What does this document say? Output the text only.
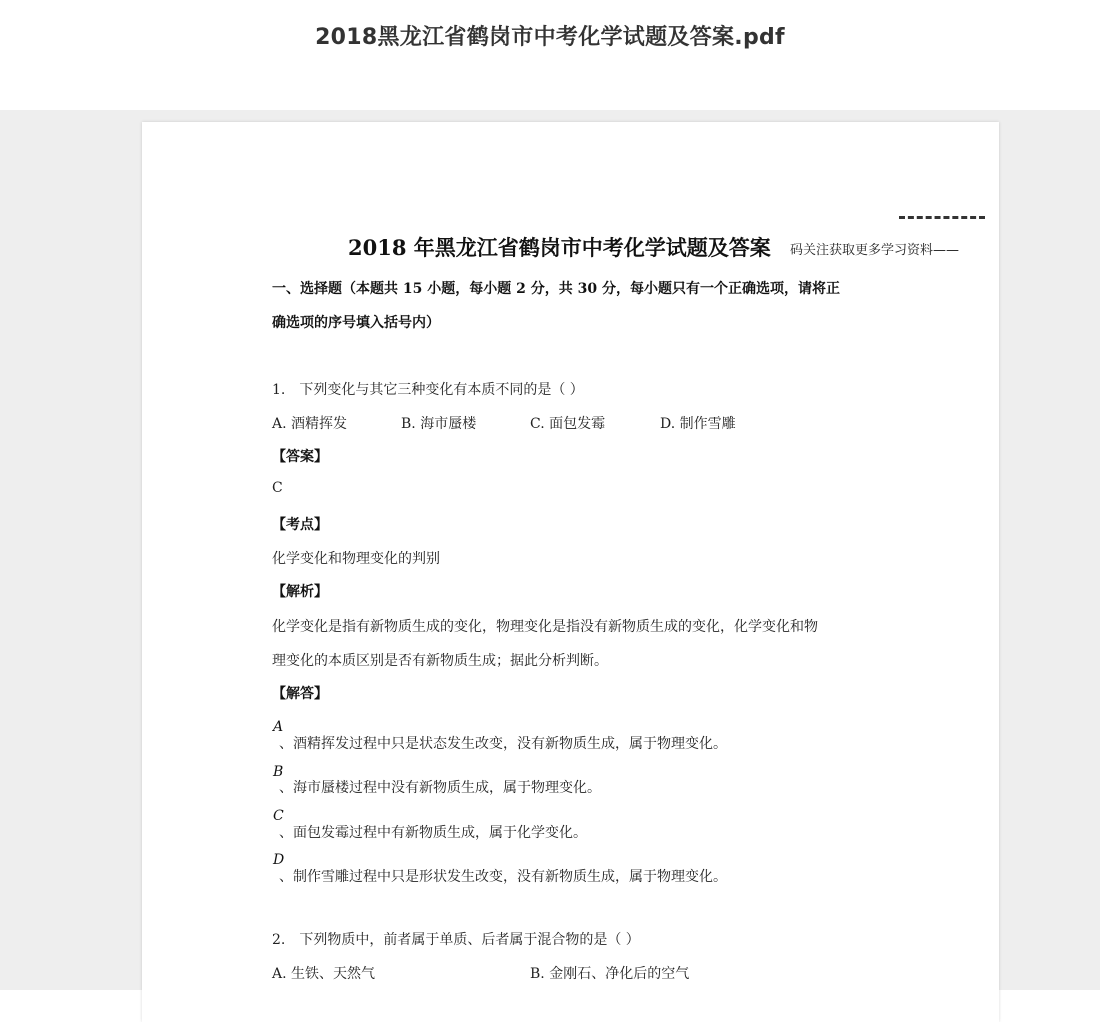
2018黑龙江省鹤岗市中考化学试题及答案.pdf
2018 年黑龙江省鹤岗市中考化学试题及答案 码关注获取更多学习资料——
一、选择题（本题共 15 小题，每小题 2 分，共 30 分，每小题只有一个正确选项，请将正
确选项的序号填入括号内）
1.　下列变化与其它三种变化有本质不同的是（ ）
A. 酒精挥发	B. 海市蜃楼	C. 面包发霉	D. 制作雪雕
【答案】
C
【考点】
化学变化和物理变化的判别
【解析】
化学变化是指有新物质生成的变化，物理变化是指没有新物质生成的变化，化学变化和物
理变化的本质区别是否有新物质生成；据此分析判断。
【解答】
A
、酒精挥发过程中只是状态发生改变，没有新物质生成，属于物理变化。
B
、海市蜃楼过程中没有新物质生成，属于物理变化。
C
、面包发霉过程中有新物质生成，属于化学变化。
D
、制作雪雕过程中只是形状发生改变，没有新物质生成，属于物理变化。
2.　下列物质中，前者属于单质、后者属于混合物的是（ ）
A. 生铁、天然气	B. 金刚石、净化后的空气
